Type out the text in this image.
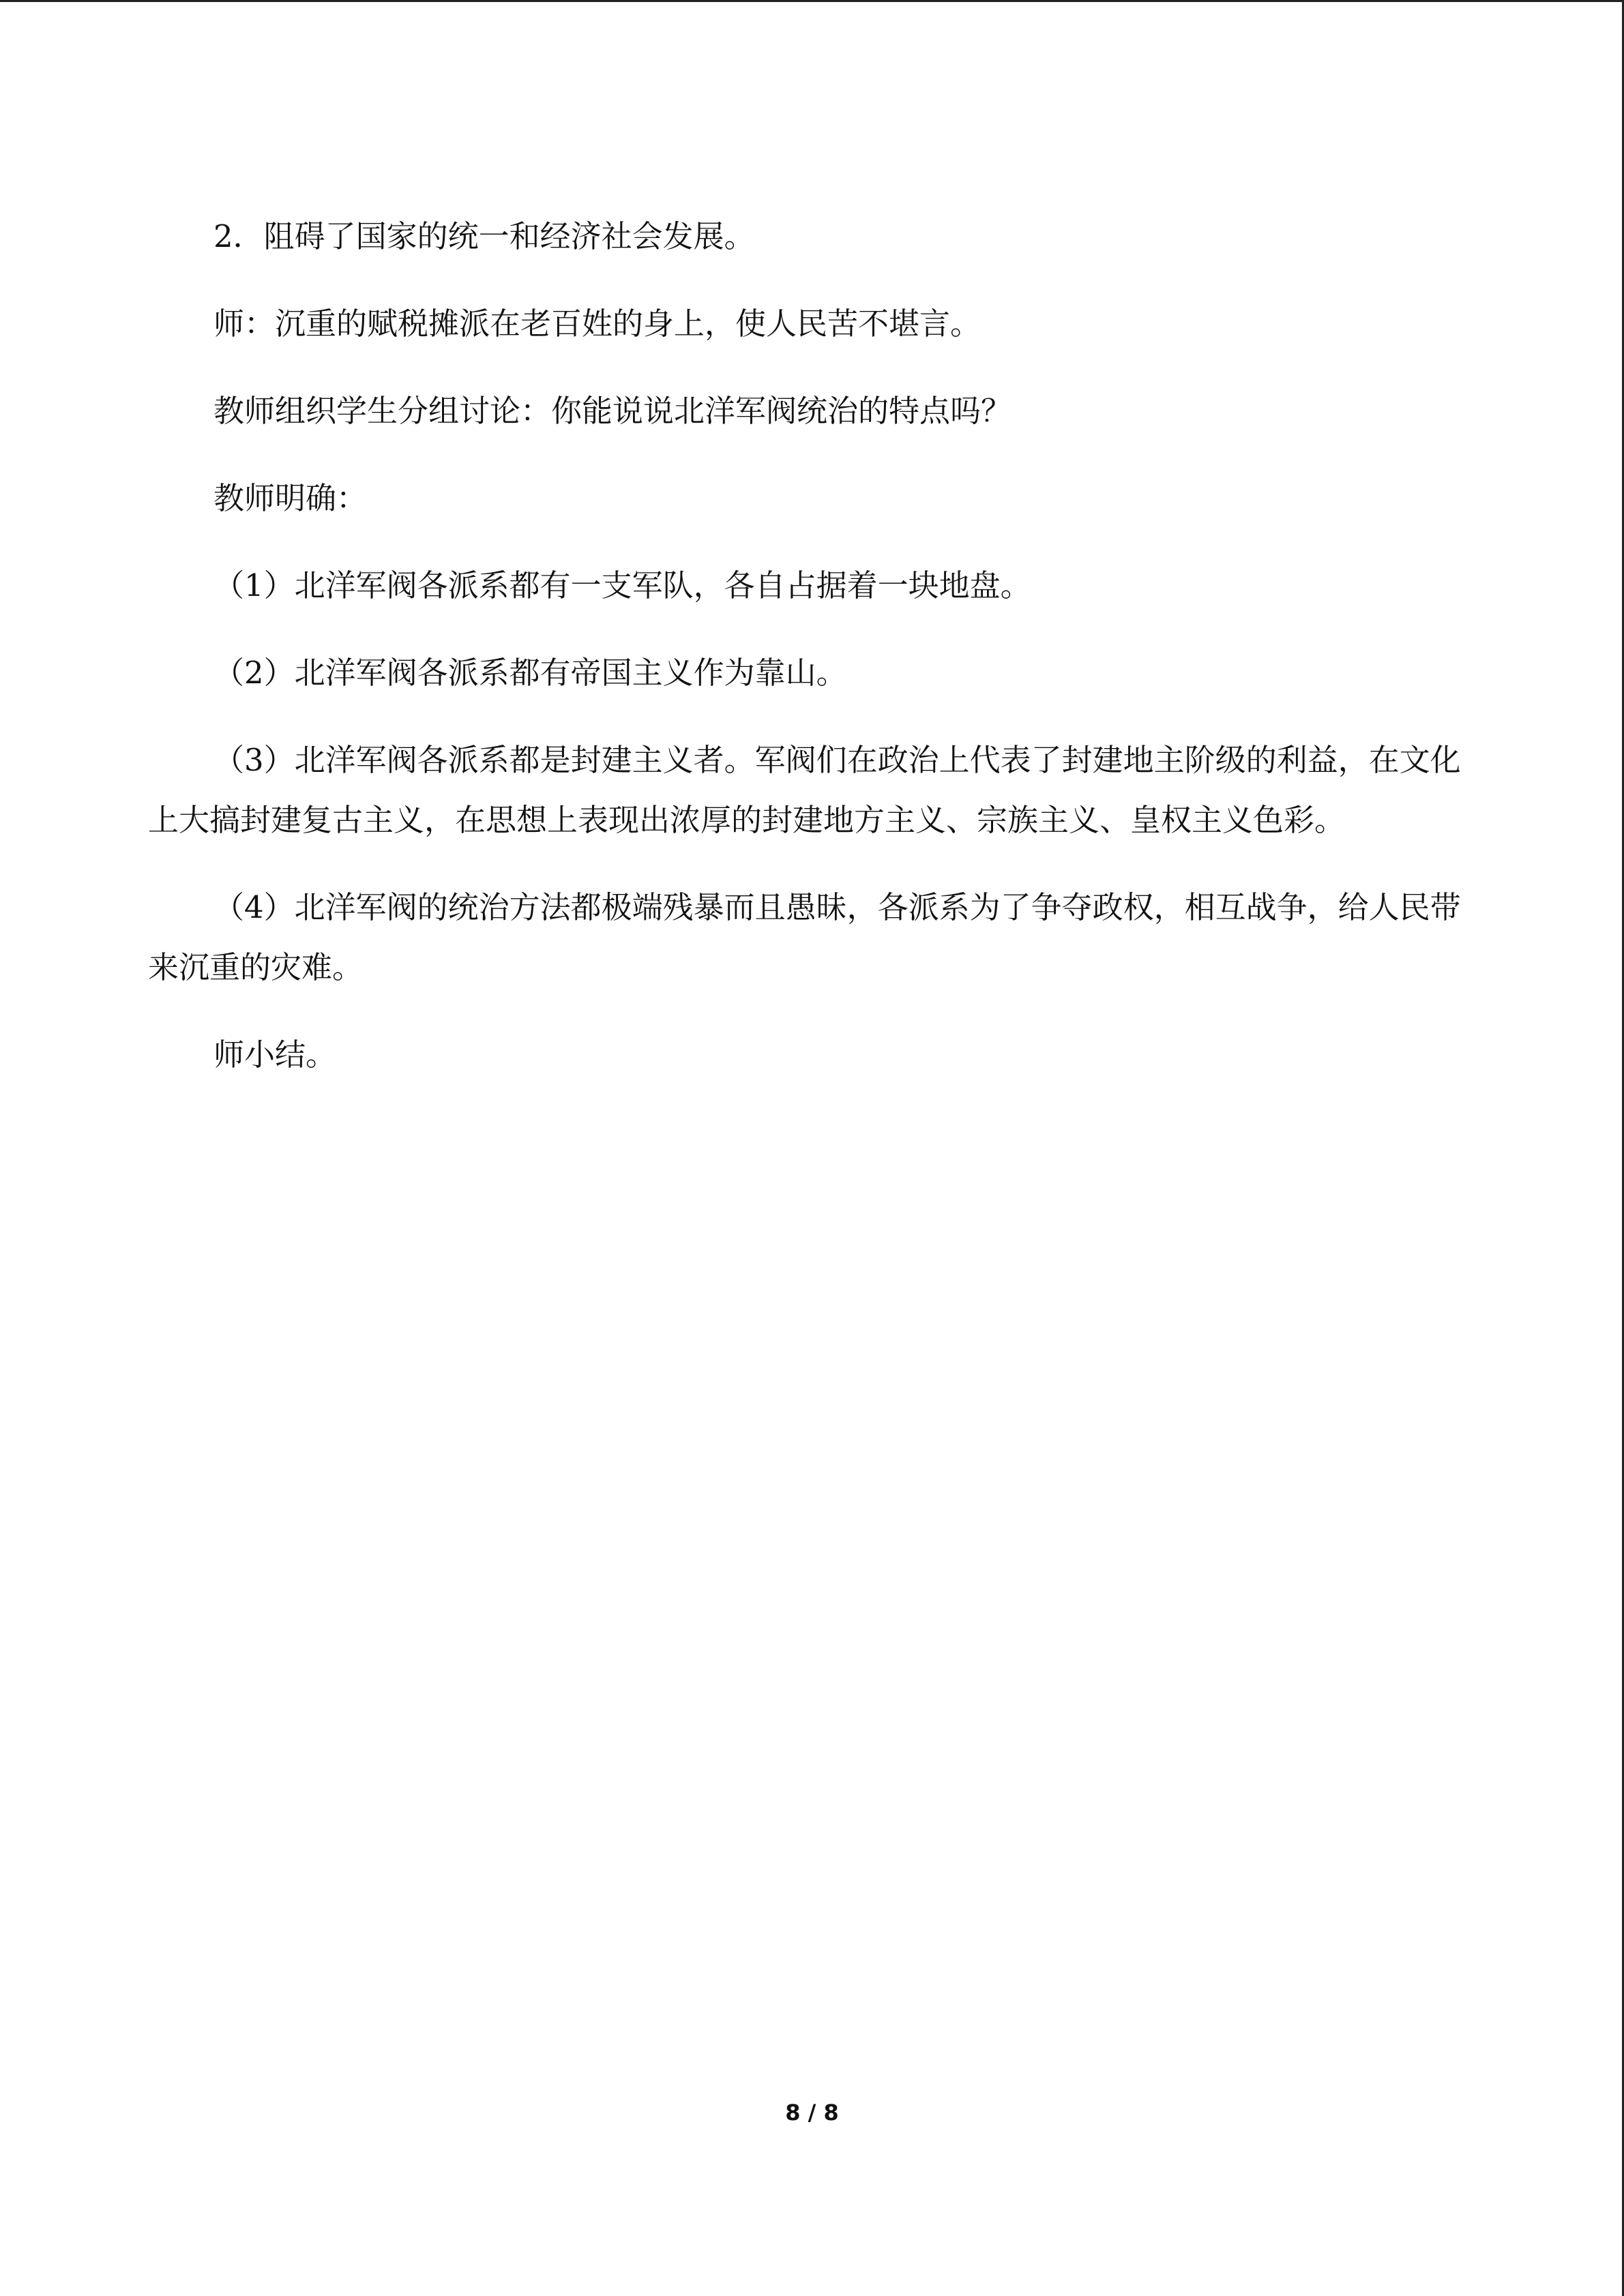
2．阻碍了国家的统一和经济社会发展。

师：沉重的赋税摊派在老百姓的身上，使人民苦不堪言。

教师组织学生分组讨论：你能说说北洋军阀统治的特点吗？

教师明确：

（1）北洋军阀各派系都有一支军队，各自占据着一块地盘。

（2）北洋军阀各派系都有帝国主义作为靠山。

（3）北洋军阀各派系都是封建主义者。军阀们在政治上代表了封建地主阶级的利益，在文化上大搞封建复古主义，在思想上表现出浓厚的封建地方主义、宗族主义、皇权主义色彩。

（4）北洋军阀的统治方法都极端残暴而且愚昧，各派系为了争夺政权，相互战争，给人民带来沉重的灾难。

师小结。

8 / 8
